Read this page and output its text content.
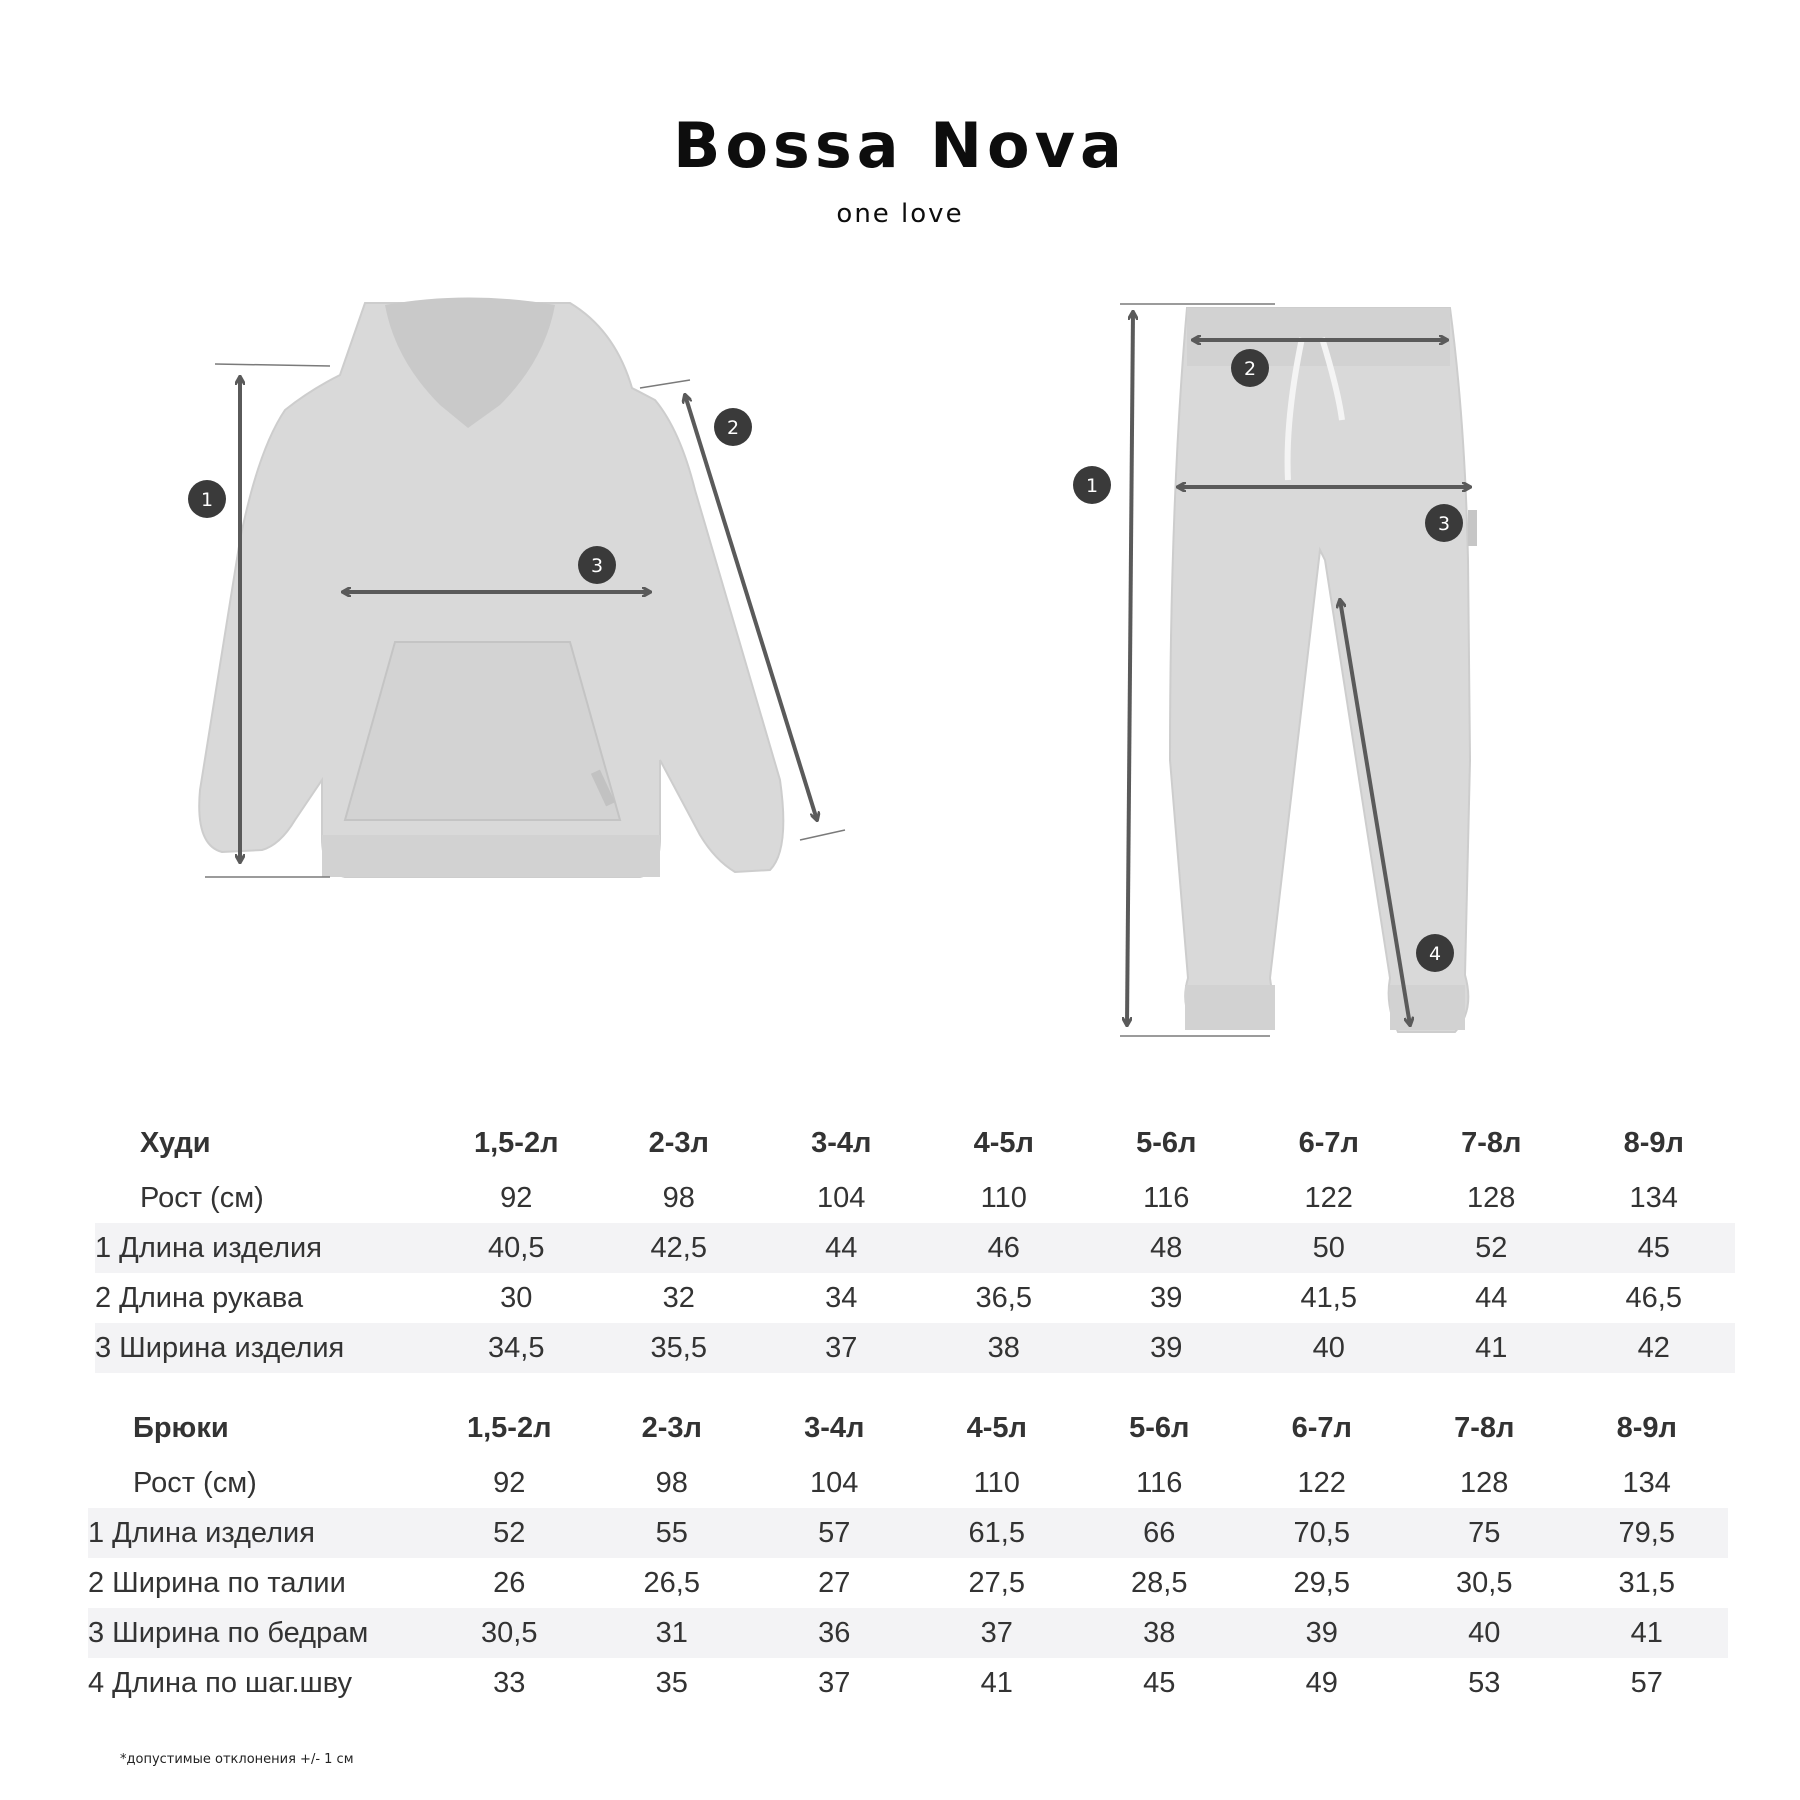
Bossa Nova
one love
1
2
3
1
2
3
4
Худи	1,5-2л	2-3л	3-4л	4-5л	5-6л	6-7л	7-8л	8-9л
Рост (см)	92	98	104	110	116	122	128	134
1 Длина изделия	40,5	42,5	44	46	48	50	52	45
2 Длина рукава	30	32	34	36,5	39	41,5	44	46,5
3 Ширина изделия	34,5	35,5	37	38	39	40	41	42
Брюки	1,5-2л	2-3л	3-4л	4-5л	5-6л	6-7л	7-8л	8-9л
Рост (см)	92	98	104	110	116	122	128	134
1 Длина изделия	52	55	57	61,5	66	70,5	75	79,5
2 Ширина по талии	26	26,5	27	27,5	28,5	29,5	30,5	31,5
3 Ширина по бедрам	30,5	31	36	37	38	39	40	41
4 Длина по шаг.шву	33	35	37	41	45	49	53	57
*допустимые отклонения +/- 1 см
